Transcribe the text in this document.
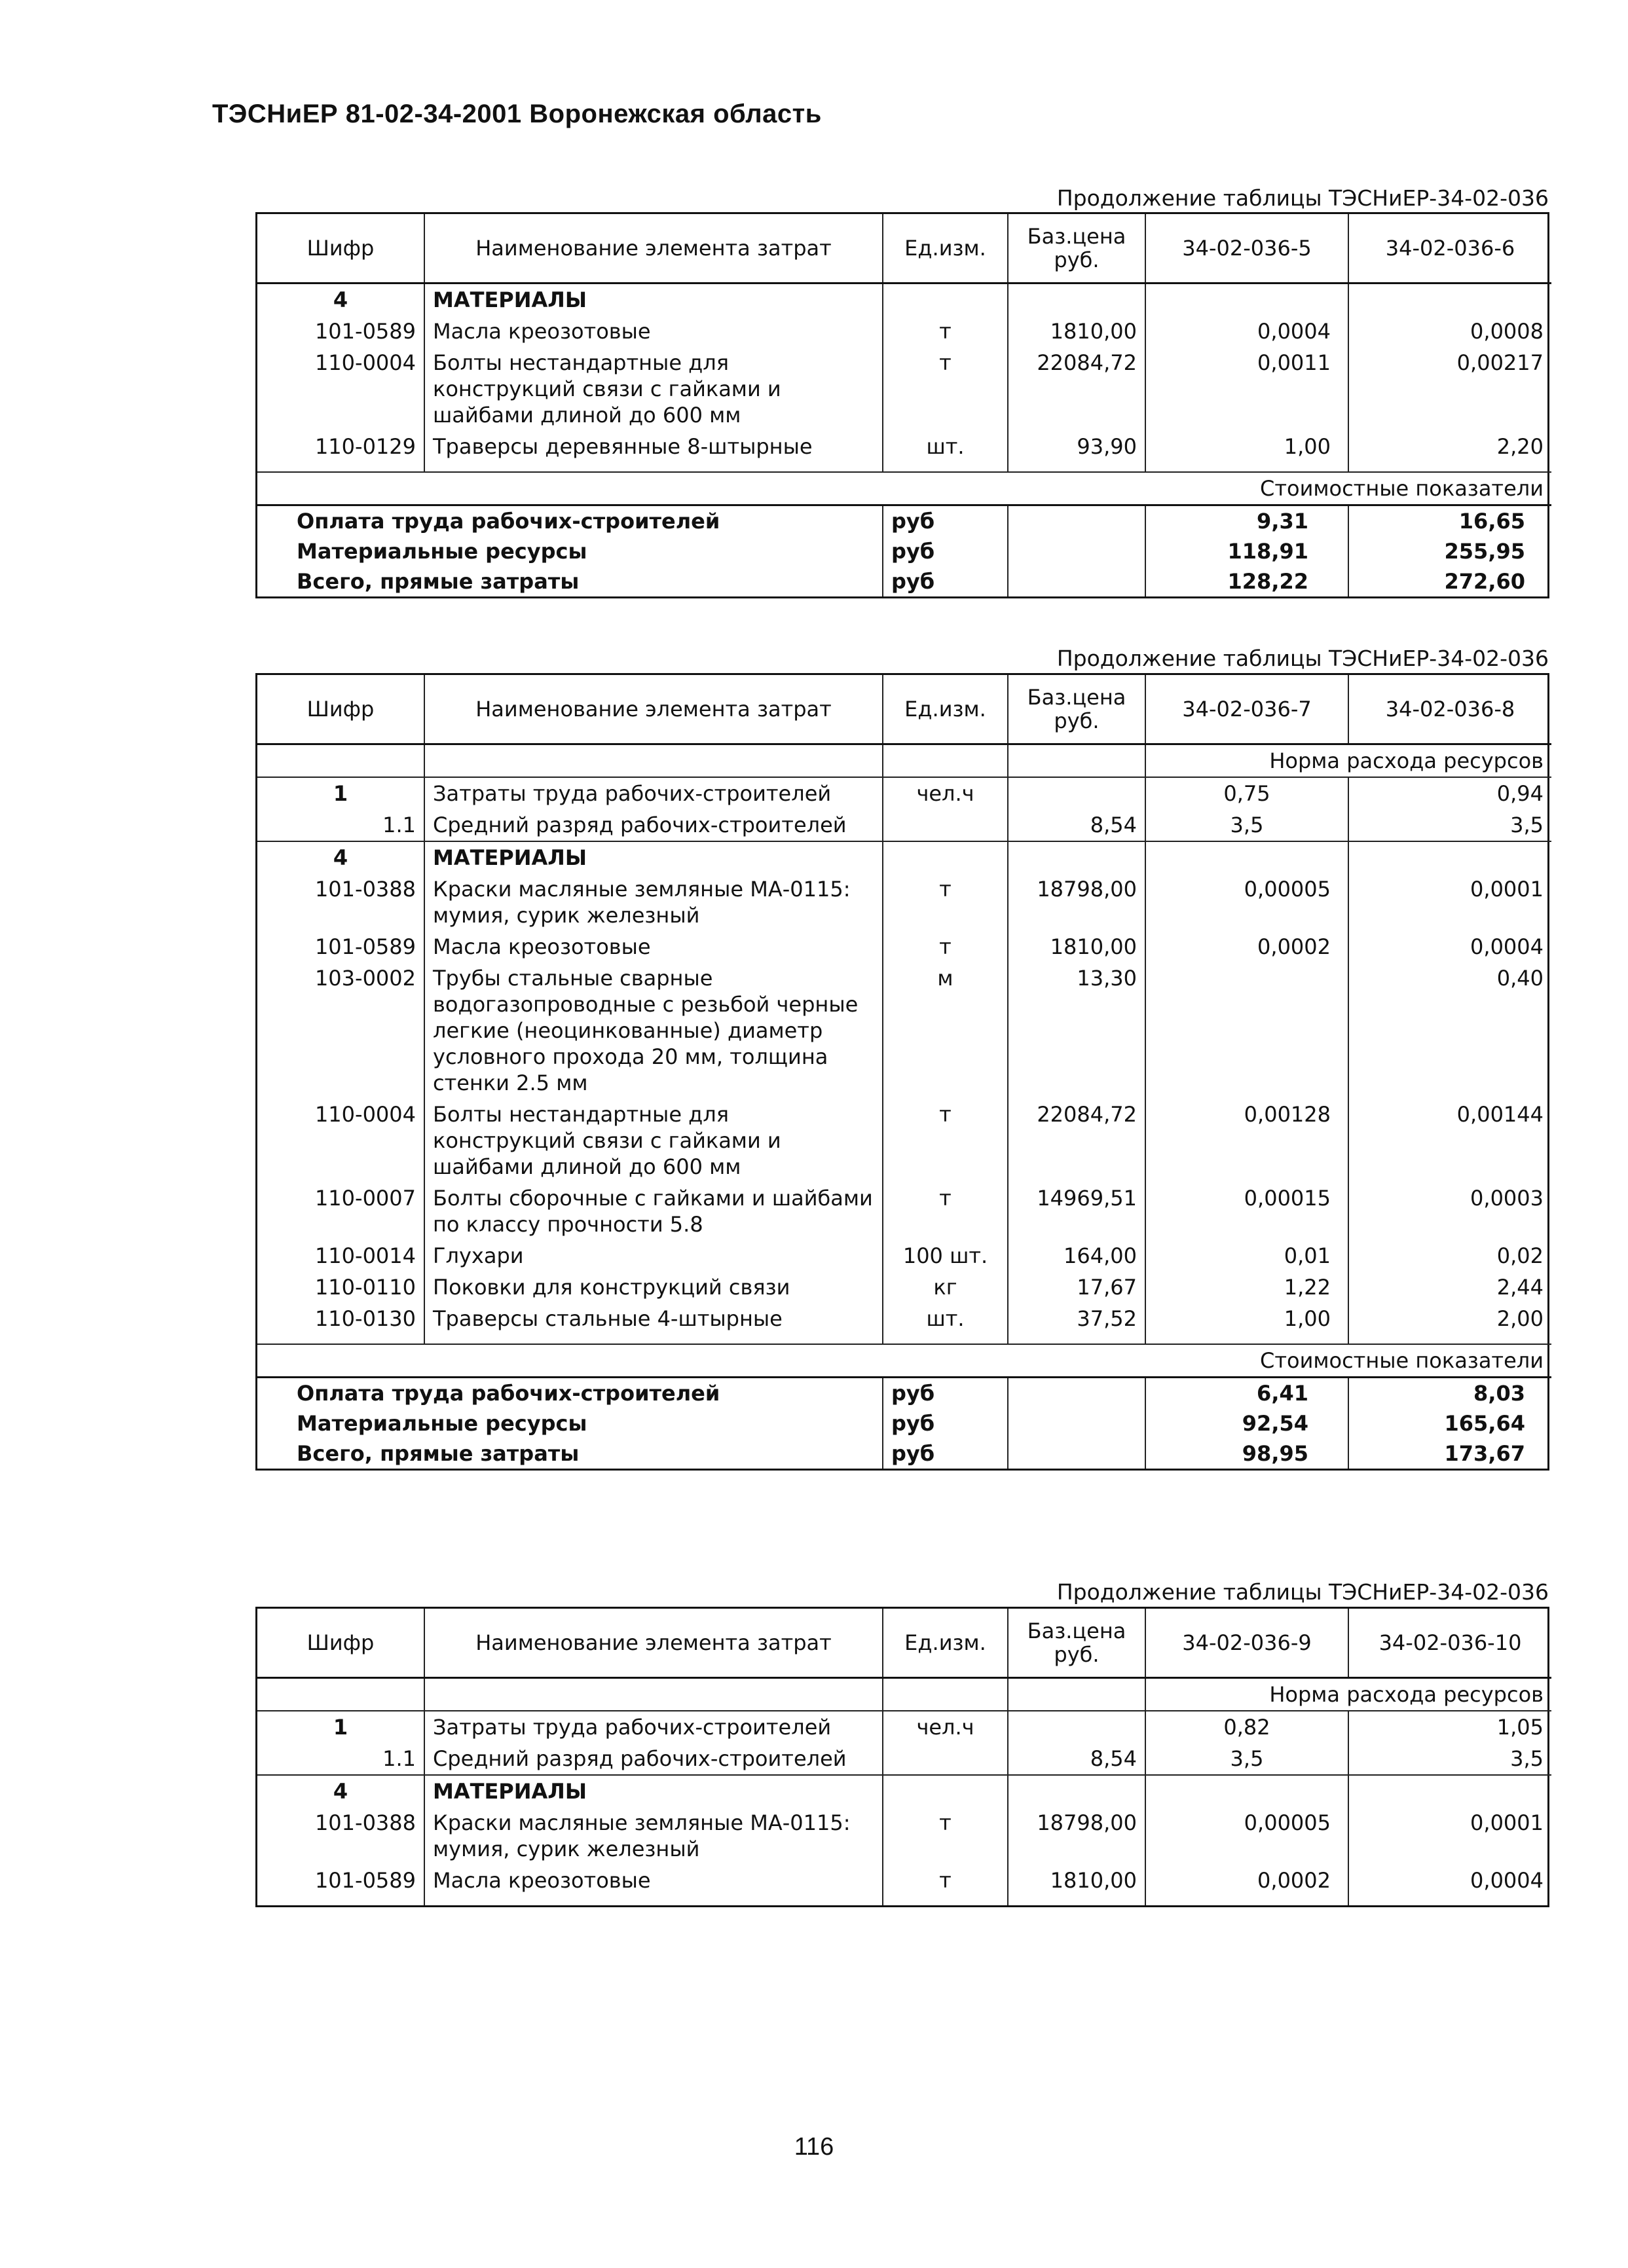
ТЭСНиЕР 81-02-34-2001 Воронежская область
Продолжение таблицы ТЭСНиЕР-34-02-036
Шифр	Наименование элемента затрат	Ед.изм.	Баз.цена руб.	34-02-036-5	34-02-036-6
4	МАТЕРИАЛЫ				
101-0589	Масла креозотовые	т	1810,00	0,0004	0,0008
110-0004	Болты нестандартные для конструкций связи с гайками и шайбами длиной до 600 мм	т	22084,72	0,0011	0,00217
110-0129	Траверсы деревянные 8-штырные	шт.	93,90	1,00	2,20

Стоимостные показатели					
Оплата труда рабочих-строителей		руб		9,31	16,65
Материальные ресурсы		руб		118,91	255,95
Всего, прямые затраты		руб		128,22	272,60
Продолжение таблицы ТЭСНиЕР-34-02-036
Шифр	Наименование элемента затрат	Ед.изм.	Баз.цена руб.	34-02-036-7	34-02-036-8
				Норма расхода ресурсов	
1	Затраты труда рабочих-строителей	чел.ч		0,75	0,94
1.1	Средний разряд рабочих-строителей		8,54	3,5	3,5
4	МАТЕРИАЛЫ				
101-0388	Краски масляные земляные МА-0115: мумия, сурик железный	т	18798,00	0,00005	0,0001
101-0589	Масла креозотовые	т	1810,00	0,0002	0,0004
103-0002	Трубы стальные сварные водогазопроводные с резьбой черные легкие (неоцинкованные) диаметр условного прохода 20 мм, толщина стенки 2.5 мм	м	13,30		0,40
110-0004	Болты нестандартные для конструкций связи с гайками и шайбами длиной до 600 мм	т	22084,72	0,00128	0,00144
110-0007	Болты сборочные с гайками и шайбами по классу прочности 5.8	т	14969,51	0,00015	0,0003
110-0014	Глухари	100 шт.	164,00	0,01	0,02
110-0110	Поковки для конструкций связи	кг	17,67	1,22	2,44
110-0130	Траверсы стальные 4-штырные	шт.	37,52	1,00	2,00

Стоимостные показатели					
Оплата труда рабочих-строителей		руб		6,41	8,03
Материальные ресурсы		руб		92,54	165,64
Всего, прямые затраты		руб		98,95	173,67
Продолжение таблицы ТЭСНиЕР-34-02-036
Шифр	Наименование элемента затрат	Ед.изм.	Баз.цена руб.	34-02-036-9	34-02-036-10
				Норма расхода ресурсов	
1	Затраты труда рабочих-строителей	чел.ч		0,82	1,05
1.1	Средний разряд рабочих-строителей		8,54	3,5	3,5
4	МАТЕРИАЛЫ				
101-0388	Краски масляные земляные МА-0115: мумия, сурик железный	т	18798,00	0,00005	0,0001
101-0589	Масла креозотовые	т	1810,00	0,0002	0,0004

116
